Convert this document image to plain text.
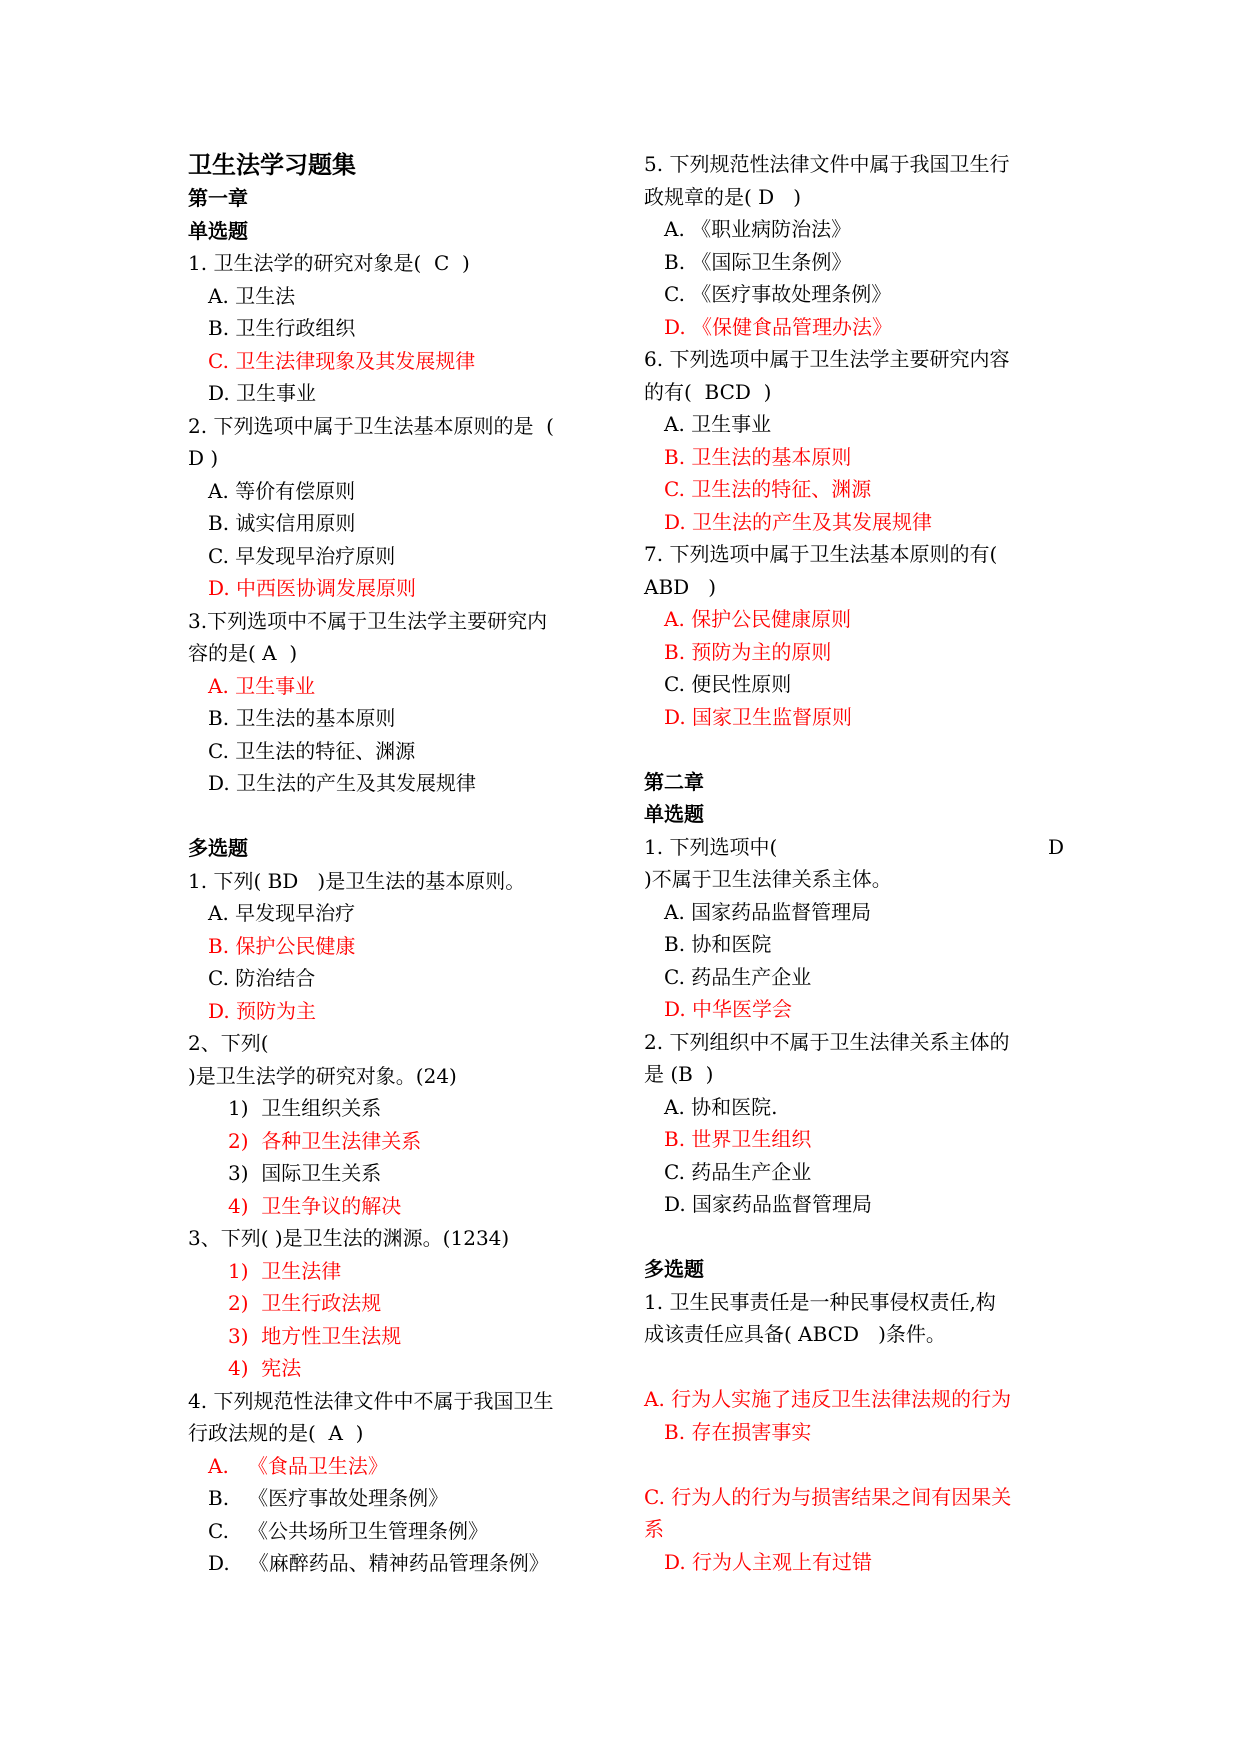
卫生法学习题集
第一章
单选题
1. 卫生法学的研究对象是(  C  )
A. 卫生法
B. 卫生行政组织
C. 卫生法律现象及其发展规律
D. 卫生事业
2. 下列选项中属于卫生法基本原则的是  (
D )
A. 等价有偿原则
B. 诚实信用原则
C. 早发现早治疗原则
D. 中西医协调发展原则
3.下列选项中不属于卫生法学主要研究内
容的是( A  )
A. 卫生事业
B. 卫生法的基本原则
C. 卫生法的特征、渊源
D. 卫生法的产生及其发展规律
多选题
1. 下列( BD   )是卫生法的基本原则。
A. 早发现早治疗
B. 保护公民健康
C. 防治结合
D. 预防为主
2、下列(
)是卫生法学的研究对象。(24)
1)  卫生组织关系
2)  各种卫生法律关系
3)  国际卫生关系
4)  卫生争议的解决
3、下列( )是卫生法的渊源。(1234)
1)  卫生法律
2)  卫生行政法规
3)  地方性卫生法规
4)  宪法
4. 下列规范性法律文件中不属于我国卫生
行政法规的是(  A  )
A.   《食品卫生法》
B.   《医疗事故处理条例》
C.   《公共场所卫生管理条例》
D.   《麻醉药品、精神药品管理条例》
5. 下列规范性法律文件中属于我国卫生行
政规章的是( D   )
A. 《职业病防治法》
B. 《国际卫生条例》
C. 《医疗事故处理条例》
D. 《保健食品管理办法》
6. 下列选项中属于卫生法学主要研究内容
的有(  BCD  )
A. 卫生事业
B. 卫生法的基本原则
C. 卫生法的特征、渊源
D. 卫生法的产生及其发展规律
7. 下列选项中属于卫生法基本原则的有(
ABD   )
A. 保护公民健康原则
B. 预防为主的原则
C. 便民性原则
D. 国家卫生监督原则
第二章
单选题
1. 下列选项中(	D
)不属于卫生法律关系主体。
A. 国家药品监督管理局
B. 协和医院
C. 药品生产企业
D. 中华医学会
2. 下列组织中不属于卫生法律关系主体的
是 (B  )
A. 协和医院.
B. 世界卫生组织
C. 药品生产企业
D. 国家药品监督管理局
多选题
1. 卫生民事责任是一种民事侵权责任,构
成该责任应具备( ABCD   )条件。
A. 行为人实施了违反卫生法律法规的行为
B. 存在损害事实
C. 行为人的行为与损害结果之间有因果关
系
D. 行为人主观上有过错
